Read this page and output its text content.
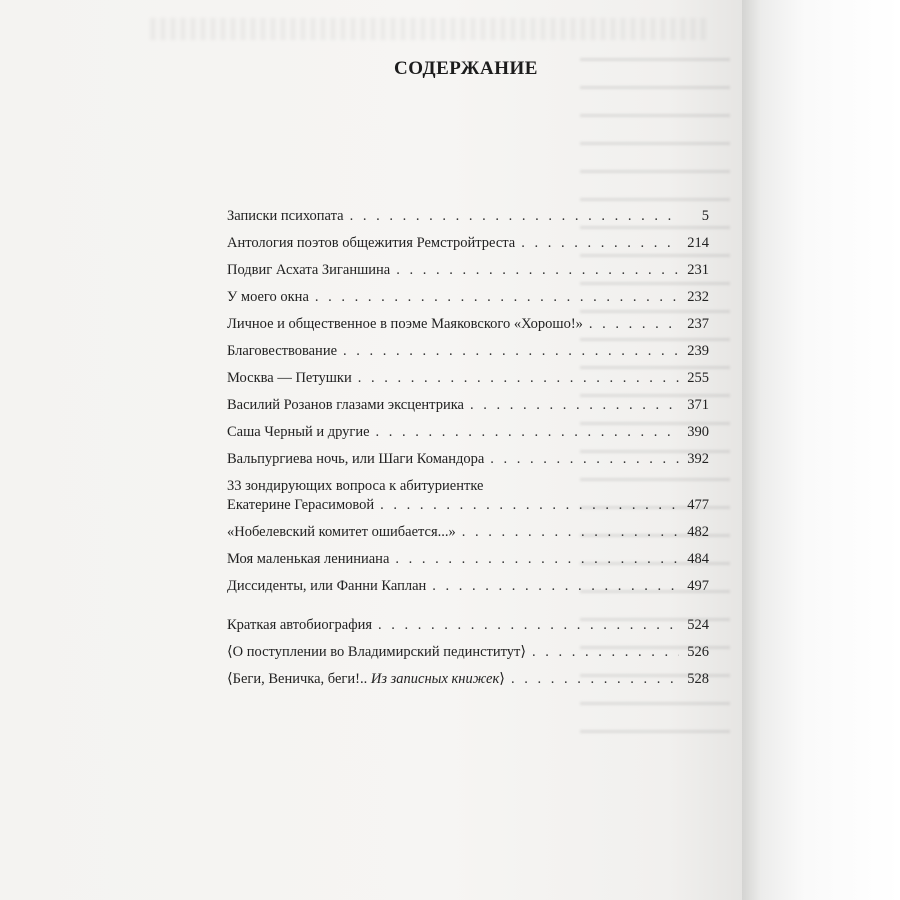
СОДЕРЖАНИЕ
Записки психопата . . .	5
Антология поэтов общежития Ремстройтреста . . .	214
Подвиг Асхата Зиганшина . . .	231
У моего окна . . .	232
Личное и общественное в поэме Маяковского «Хорошо!» . . .	237
Благовествование . . .	239
Москва — Петушки . . .	255
Василий Розанов глазами эксцентрика . . .	371
Саша Черный и другие . . .	390
Вальпургиева ночь, или Шаги Командора . . .	392
33 зондирующих вопроса к абитуриентке
Екатерине Герасимовой . . .	477
«Нобелевский комитет ошибается...» . . .	482
Моя маленькая лениниана . . .	484
Диссиденты, или Фанни Каплан . . .	497
Краткая автобиография . . .	524
⟨О поступлении во Владимирский пединститут⟩ . . .	526
⟨Беги, Веничка, беги!.. Из записных книжек⟩ . . .	528
